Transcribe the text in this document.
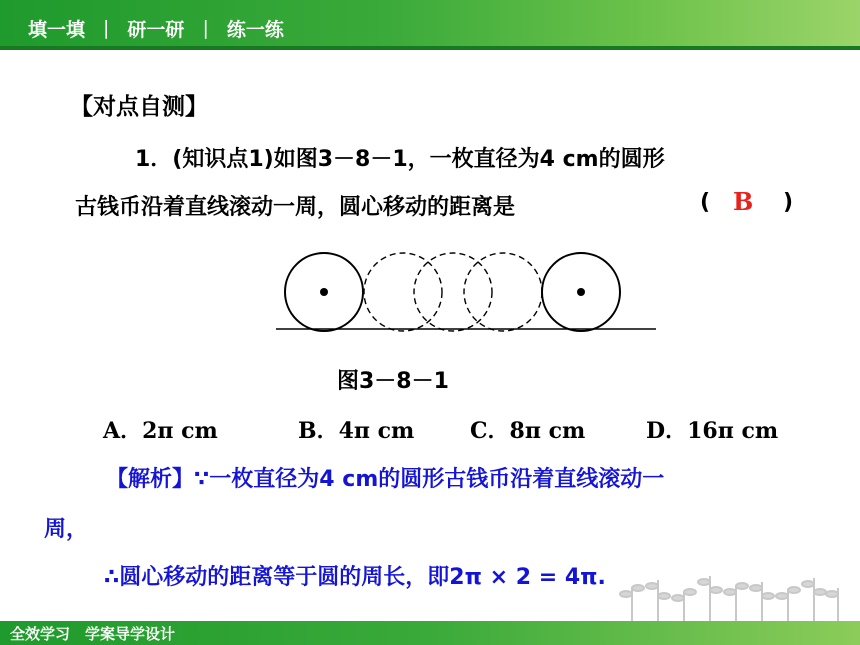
填一填 | 研一研 | 练一练
【对点自测】
1．(知识点1)如图3－8－1，一枚直径为4 cm的圆形
古钱币沿着直线滚动一周，圆心移动的距离是	( B )
图3－8－1
A．2π cm	B．4π cm	C．8π cm	D．16π cm
【解析】∵一枚直径为4 cm的圆形古钱币沿着直线滚动一
周，
∴圆心移动的距离等于圆的周长，即2π × 2 = 4π.
全效学习　学案导学设计
